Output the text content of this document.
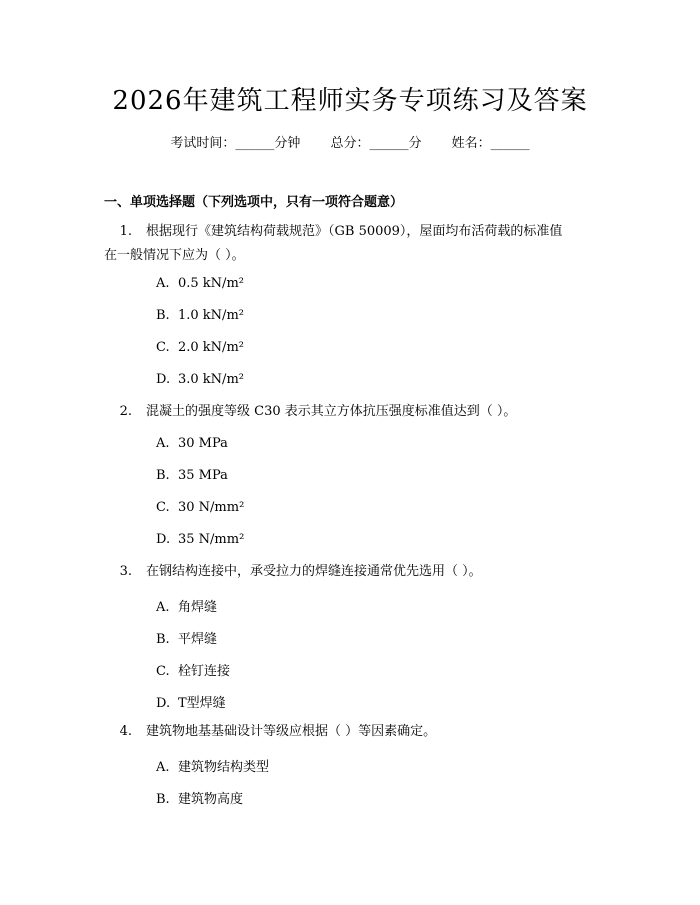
2026年建筑工程师实务专项练习及答案
考试时间：______分钟 总分：______分 姓名：______
一、单项选择题（下列选项中，只有一项符合题意）
1. 根据现行《建筑结构荷载规范》（GB 50009），屋面均布活荷载的标准值
在一般情况下应为（ ）。
A. 0.5 kN/m²
B. 1.0 kN/m²
C. 2.0 kN/m²
D. 3.0 kN/m²
2. 混凝土的强度等级 C30 表示其立方体抗压强度标准值达到（ ）。
A. 30 MPa
B. 35 MPa
C. 30 N/mm²
D. 35 N/mm²
3. 在钢结构连接中，承受拉力的焊缝连接通常优先选用（ ）。
A. 角焊缝
B. 平焊缝
C. 栓钉连接
D. T型焊缝
4. 建筑物地基基础设计等级应根据（ ）等因素确定。
A. 建筑物结构类型
B. 建筑物高度
